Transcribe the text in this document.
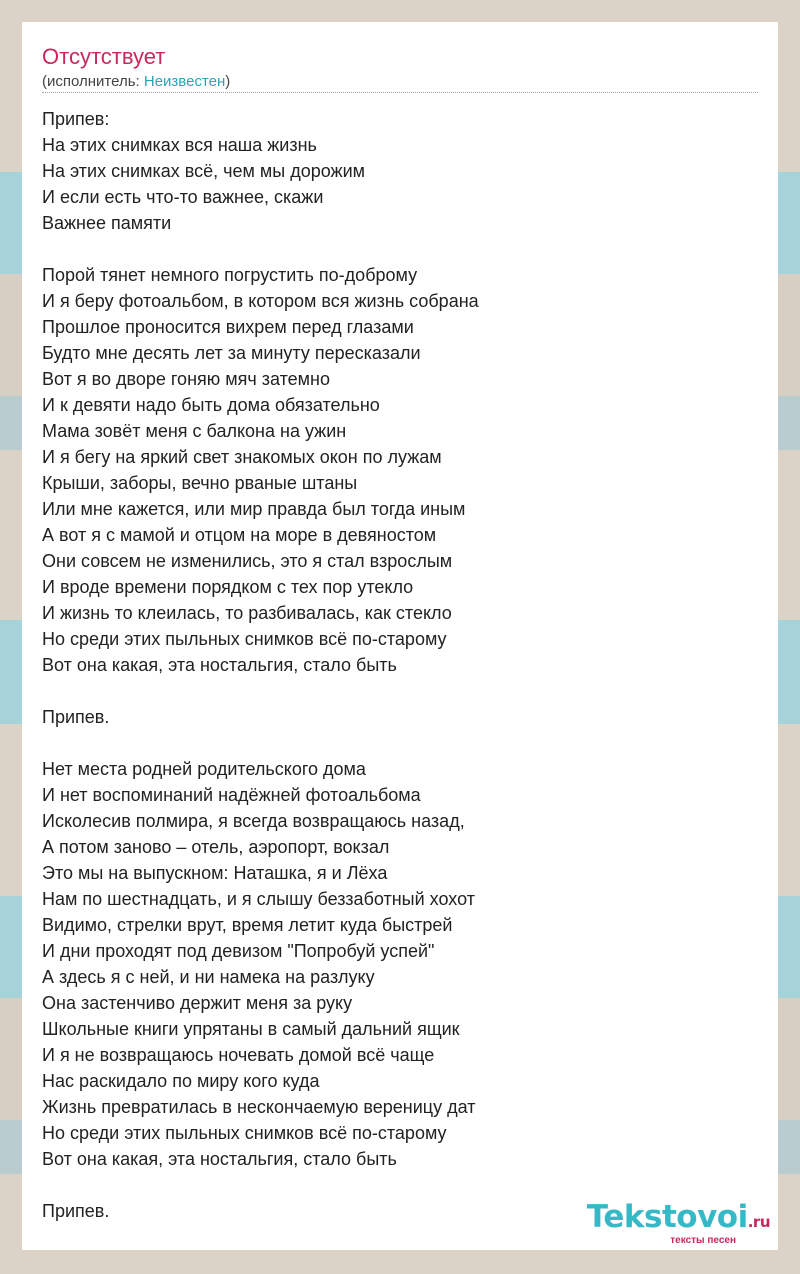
Отсутствует
(исполнитель: Неизвестен)
Припев:
На этих снимках вся наша жизнь
На этих снимках всё, чем мы дорожим
И если есть что-то важнее, скажи
Важнее памяти
Порой тянет немного погрустить по-доброму
И я беру фотоальбом, в котором вся жизнь собрана
Прошлое проносится вихрем перед глазами
Будто мне десять лет за минуту пересказали
Вот я во дворе гоняю мяч затемно
И к девяти надо быть дома обязательно
Мама зовёт меня с балкона на ужин
И я бегу на яркий свет знакомых окон по лужам
Крыши, заборы, вечно рваные штаны
Или мне кажется, или мир правда был тогда иным
А вот я с мамой и отцом на море в девяностом
Они совсем не изменились, это я стал взрослым
И вроде времени порядком с тех пор утекло
И жизнь то клеилась, то разбивалась, как стекло
Но среди этих пыльных снимков всё по-старому
Вот она какая, эта ностальгия, стало быть
Припев.
Нет места родней родительского дома
И нет воспоминаний надёжней фотоальбома
Исколесив полмира, я всегда возвращаюсь назад,
А потом заново – отель, аэропорт, вокзал
Это мы на выпускном: Наташка, я и Лёха
Нам по шестнадцать, и я слышу беззаботный хохот
Видимо, стрелки врут, время летит куда быстрей
И дни проходят под девизом "Попробуй успей"
А здесь я с ней, и ни намека на разлуку
Она застенчиво держит меня за руку
Школьные книги упрятаны в самый дальний ящик
И я не возвращаюсь ночевать домой всё чаще
Нас раскидало по миру кого куда
Жизнь превратилась в нескончаемую вереницу дат
Но среди этих пыльных снимков всё по-старому
Вот она какая, эта ностальгия, стало быть
Припев.	Tekstovoi.ru
тексты песен
